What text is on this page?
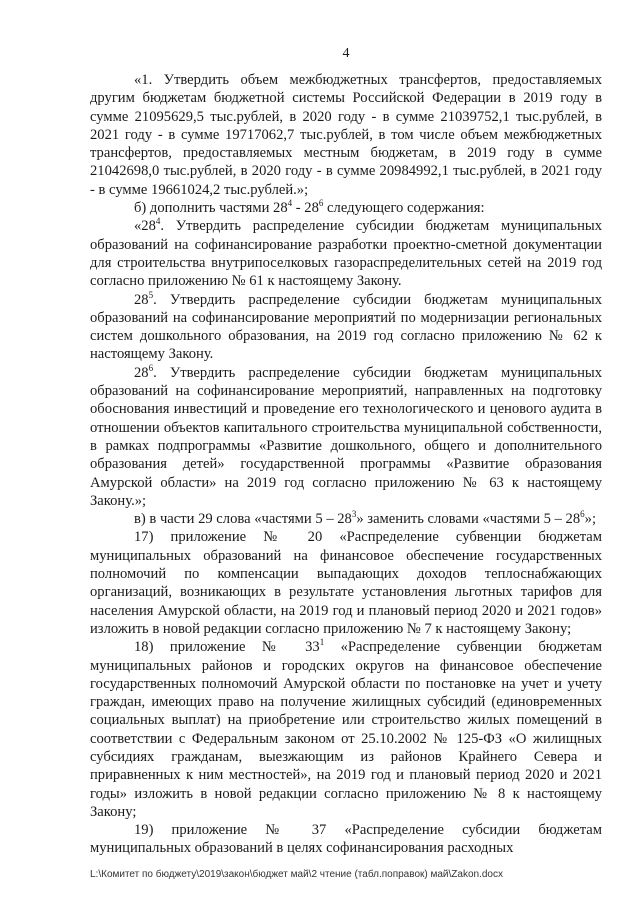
4

«1. Утвердить объем межбюджетных трансфертов, предоставляемых другим бюджетам бюджетной системы Российской Федерации в 2019 году в сумме 21095629,5 тыс.рублей, в 2020 году - в сумме 21039752,1 тыс.рублей, в 2021 году - в сумме 19717062,7 тыс.рублей, в том числе объем межбюджетных трансфертов, предоставляемых местным бюджетам, в 2019 году в сумме 21042698,0 тыс.рублей, в 2020 году - в сумме 20984992,1 тыс.рублей, в 2021 году - в сумме 19661024,2 тыс.рублей.»;

б) дополнить частями $28^4 - 28^6$ следующего содержания:

«$28^4$. Утвердить распределение субсидии бюджетам муниципальных образований на софинансирование разработки проектно-сметной документации для строительства внутрипоселковых газораспределительных сетей на 2019 год согласно приложению № 61 к настоящему Закону.

$28^5$. Утвердить распределение субсидии бюджетам муниципальных образований на софинансирование мероприятий по модернизации региональных систем дошкольного образования, на 2019 год согласно приложению № 62 к настоящему Закону.

$28^6$. Утвердить распределение субсидии бюджетам муниципальных образований на софинансирование мероприятий, направленных на подготовку обоснования инвестиций и проведение его технологического и ценового аудита в отношении объектов капитального строительства муниципальной собственности, в рамках подпрограммы «Развитие дошкольного, общего и дополнительного образования детей» государственной программы «Развитие образования Амурской области» на 2019 год согласно приложению № 63 к настоящему Закону.»;

в) в части 29 слова «частями $5 - 28^3$» заменить словами «частями $5 - 28^6$»;

17) приложение № 20 «Распределение субвенции бюджетам муниципальных образований на финансовое обеспечение государственных полномочий по компенсации выпадающих доходов теплоснабжающих организаций, возникающих в результате установления льготных тарифов для населения Амурской области, на 2019 год и плановый период 2020 и 2021 годов» изложить в новой редакции согласно приложению № 7 к настоящему Закону;

18) приложение № $33^1$ «Распределение субвенции бюджетам муниципальных районов и городских округов на финансовое обеспечение государственных полномочий Амурской области по постановке на учет и учету граждан, имеющих право на получение жилищных субсидий (единовременных социальных выплат) на приобретение или строительство жилых помещений в соответствии с Федеральным законом от 25.10.2002 № 125-ФЗ «О жилищных субсидиях гражданам, выезжающим из районов Крайнего Севера и приравненных к ним местностей», на 2019 год и плановый период 2020 и 2021 годы» изложить в новой редакции согласно приложению № 8 к настоящему Закону;

19) приложение № 37 «Распределение субсидии бюджетам муниципальных образований в целях софинансирования расходных

L:\Комитет по бюджету\2019\закон\бюджет май\2 чтение (табл.поправок) май\Zakon.docx
